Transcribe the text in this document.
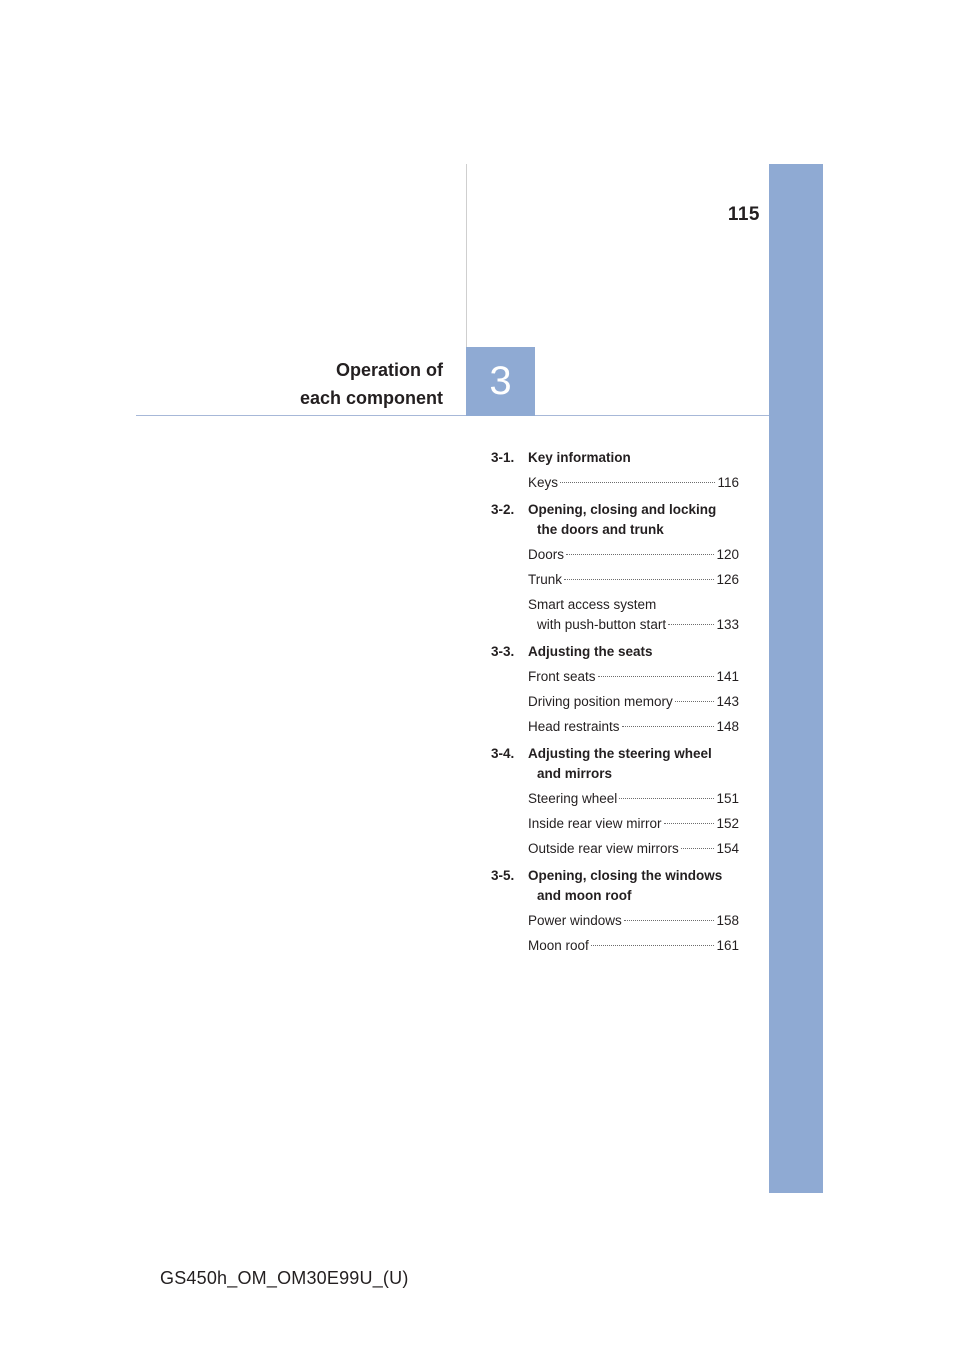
115
Operation of
each component	3
3-1.	Key information
Keys	116
3-2.	Opening, closing and locking
the doors and trunk
Doors	120
Trunk	126
Smart access system
with push-button start	133
3-3.	Adjusting the seats
Front seats	141
Driving position memory	143
Head restraints	148
3-4.	Adjusting the steering wheel
and mirrors
Steering wheel	151
Inside rear view mirror	152
Outside rear view mirrors	154
3-5.	Opening, closing the windows
and moon roof
Power windows	158
Moon roof	161
GS450h_OM_OM30E99U_(U)
